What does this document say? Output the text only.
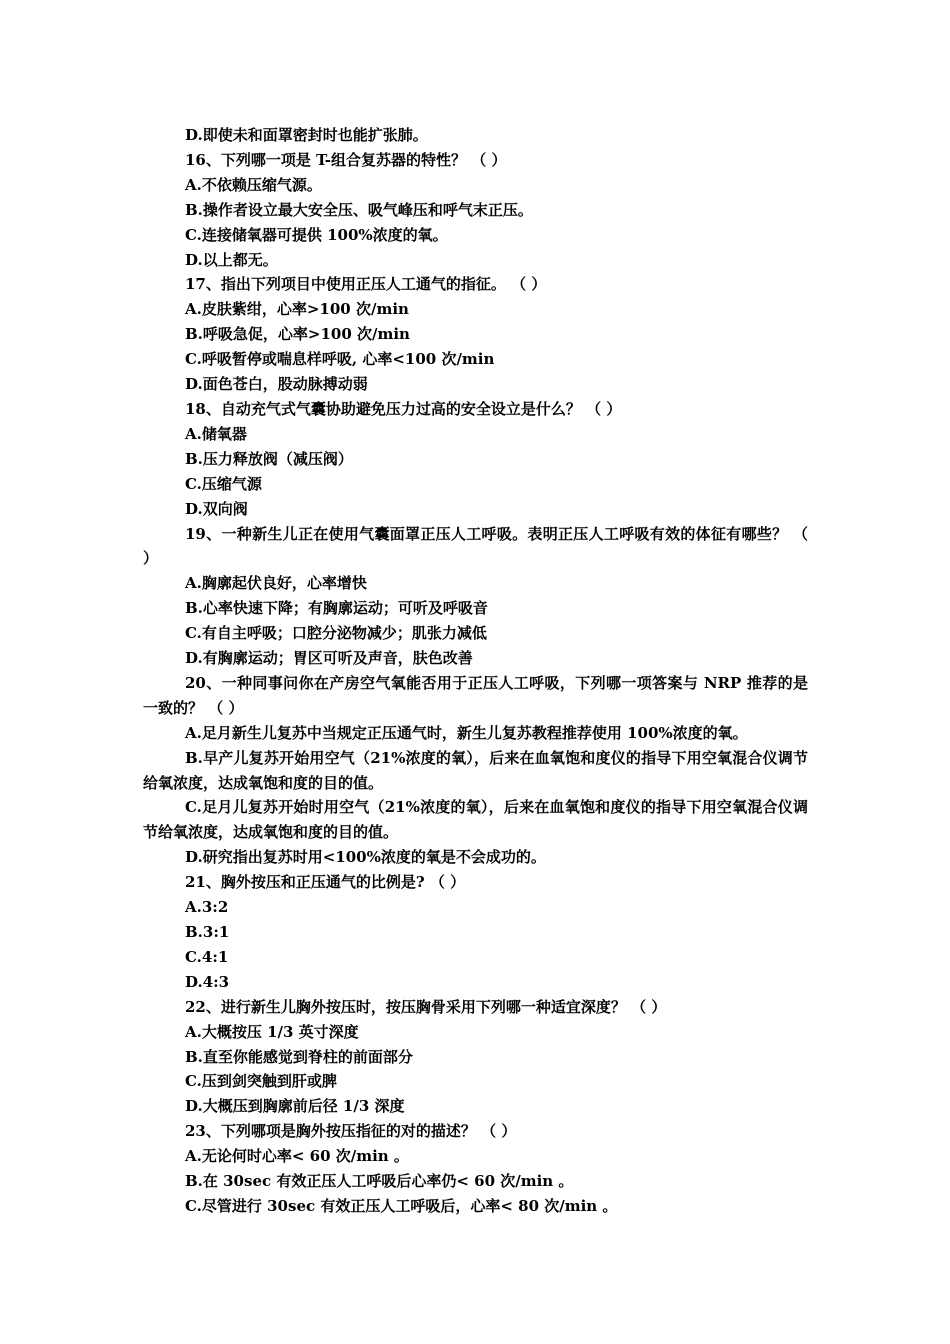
D.即使未和面罩密封时也能扩张肺。

16、下列哪一项是 T-组合复苏器的特性？ （ ）

A.不依赖压缩气源。

B.操作者设立最大安全压、吸气峰压和呼气末正压。

C.连接储氧器可提供 100%浓度的氧。

D.以上都无。

17、指出下列项目中使用正压人工通气的指征。 （ ）

A.皮肤紫绀，心率>100 次/min

B.呼吸急促，心率>100 次/min

C.呼吸暂停或喘息样呼吸, 心率<100 次/min

D.面色苍白，股动脉搏动弱

18、自动充气式气囊协助避免压力过高的安全设立是什么？ （ ）

A.储氧器

B.压力释放阀（减压阀）

C.压缩气源

D.双向阀

19、一种新生儿正在使用气囊面罩正压人工呼吸。表明正压人工呼吸有效的体征有哪些？ （ ）

A.胸廓起伏良好，心率增快

B.心率快速下降；有胸廓运动；可听及呼吸音

C.有自主呼吸；口腔分泌物减少；肌张力减低

D.有胸廓运动；胃区可听及声音，肤色改善

20、一种同事问你在产房空气氧能否用于正压人工呼吸，下列哪一项答案与 NRP 推荐的是一致的？ （ ）

A.足月新生儿复苏中当规定正压通气时，新生儿复苏教程推荐使用 100%浓度的氧。

B.早产儿复苏开始用空气（21%浓度的氧），后来在血氧饱和度仪的指导下用空氧混合仪调节给氧浓度，达成氧饱和度的目的值。

C.足月儿复苏开始时用空气（21%浓度的氧），后来在血氧饱和度仪的指导下用空氧混合仪调节给氧浓度，达成氧饱和度的目的值。

D.研究指出复苏时用<100%浓度的氧是不会成功的。

21、胸外按压和正压通气的比例是? （ ）

A.3:2

B.3:1

C.4:1

D.4:3

22、进行新生儿胸外按压时，按压胸骨采用下列哪一种适宜深度？ （ ）

A.大概按压 1/3 英寸深度

B.直至你能感觉到脊柱的前面部分

C.压到剑突触到肝或脾

D.大概压到胸廓前后径 1/3 深度

23、下列哪项是胸外按压指征的对的描述？ （ ）

A.无论何时心率< 60 次/min 。

B.在 30sec 有效正压人工呼吸后心率仍< 60 次/min 。

C.尽管进行 30sec 有效正压人工呼吸后，心率< 80 次/min 。
